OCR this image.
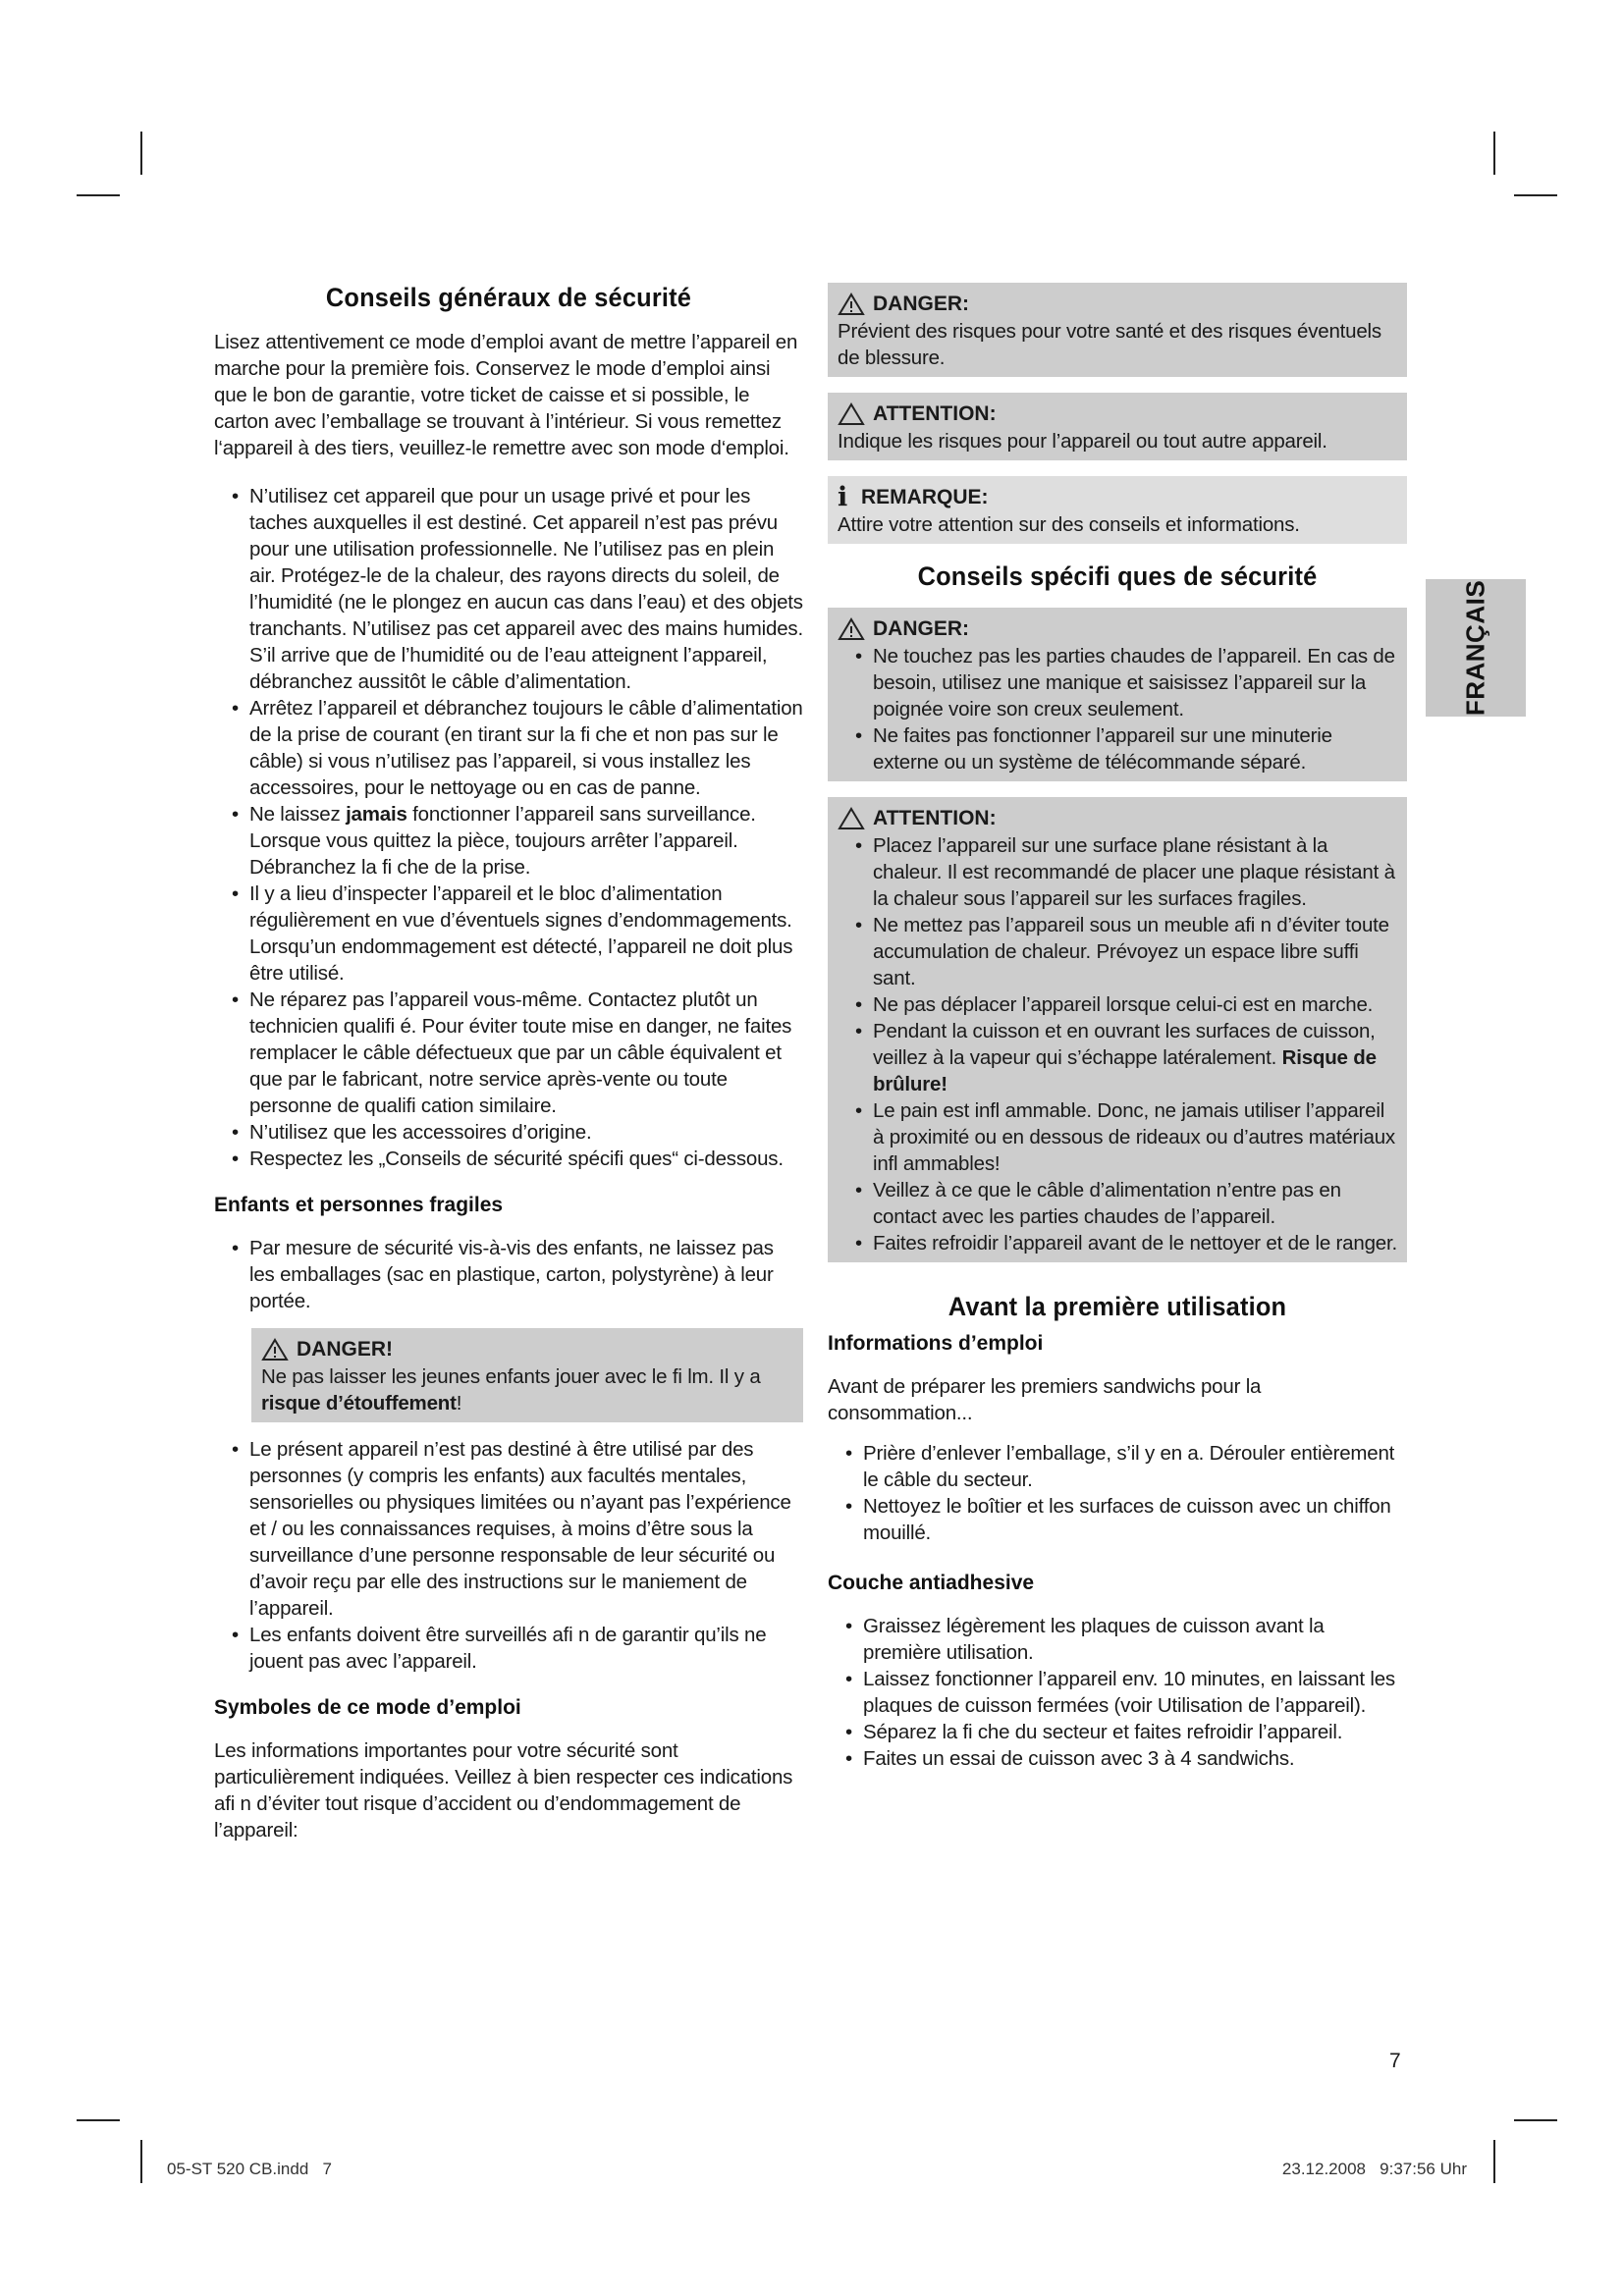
Conseils généraux de sécurité

Lisez attentivement ce mode d’emploi avant de mettre l’appareil en marche pour la première fois. Conservez le mode d’emploi ainsi que le bon de garantie, votre ticket de caisse et si possible, le carton avec l’emballage se trouvant à l’intérieur. Si vous remettez l‘appareil à des tiers, veuillez-le remettre avec son mode d‘emploi.

• N’utilisez cet appareil que pour un usage privé et pour les taches auxquelles il est destiné. Cet appareil n’est pas prévu pour une utilisation professionnelle. Ne l’utilisez pas en plein air. Protégez-le de la chaleur, des rayons directs du soleil, de l’humidité (ne le plongez en aucun cas dans l’eau) et des objets tranchants. N’utilisez pas cet appareil avec des mains humides. S’il arrive que de l’humidité ou de l’eau atteignent l’appareil, débranchez aussitôt le câble d’alimentation.
• Arrêtez l’appareil et débranchez toujours le câble d’alimentation de la prise de courant (en tirant sur la fi che et non pas sur le câble) si vous n’utilisez pas l’appareil, si vous installez les accessoires, pour le nettoyage ou en cas de panne.
• Ne laissez jamais fonctionner l’appareil sans surveillance. Lorsque vous quittez la pièce, toujours arrêter l’appareil. Débranchez la fi che de la prise.
• Il y a lieu d’inspecter l’appareil et le bloc d’alimentation régulièrement en vue d’éventuels signes d’endommagements. Lorsqu’un endommagement est détecté, l’appareil ne doit plus être utilisé.
• Ne réparez pas l’appareil vous-même. Contactez plutôt un technicien qualifi é. Pour éviter toute mise en danger, ne faites remplacer le câble défectueux que par un câble équivalent et que par le fabricant, notre service après-vente ou toute personne de qualifi cation similaire.
• N’utilisez que les accessoires d’origine.
• Respectez les „Conseils de sécurité spécifi ques“ ci-dessous.
Enfants et personnes fragiles
• Par mesure de sécurité vis-à-vis des enfants, ne laissez pas les emballages (sac en plastique, carton, polystyrène) à leur portée.
DANGER!

Ne pas laisser les jeunes enfants jouer avec le fi lm. Il y a risque d’étouffement!

• Le présent appareil n’est pas destiné à être utilisé par des personnes (y compris les enfants) aux facultés mentales, sensorielles ou physiques limitées ou n’ayant pas l’expérience et / ou les connaissances requises, à moins d’être sous la surveillance d’une personne responsable de leur sécurité ou d’avoir reçu par elle des instructions sur le maniement de l’appareil.
• Les enfants doivent être surveillés afi n de garantir qu’ils ne jouent pas avec l’appareil.
Symboles de ce mode d’emploi

Les informations importantes pour votre sécurité sont particulièrement indiquées. Veillez à bien respecter ces indications afi n d’éviter tout risque d’accident ou d’endommagement de l’appareil:

DANGER:

Prévient des risques pour votre santé et des risques éventuels de blessure.

ATTENTION:

Indique les risques pour l’appareil ou tout autre appareil.

i REMARQUE:

Attire votre attention sur des conseils et informations.

Conseils spécifi ques de sécurité
DANGER:
• Ne touchez pas les parties chaudes de l’appareil. En cas de besoin, utilisez une manique et saisissez l’appareil sur la poignée voire son creux seulement.
• Ne faites pas fonctionner l’appareil sur une minuterie externe ou un système de télécommande séparé.
ATTENTION:
• Placez l’appareil sur une surface plane résistant à la chaleur. Il est recommandé de placer une plaque résistant à la chaleur sous l’appareil sur les surfaces fragiles.
• Ne mettez pas l’appareil sous un meuble afi n d’éviter toute accumulation de chaleur. Prévoyez un espace libre suffi sant.
• Ne pas déplacer l’appareil lorsque celui-ci est en marche.
• Pendant la cuisson et en ouvrant les surfaces de cuisson, veillez à la vapeur qui s’échappe latéralement. Risque de brûlure!
• Le pain est infl ammable. Donc, ne jamais utiliser l’appareil à proximité ou en dessous de rideaux ou d’autres matériaux infl ammables!
• Veillez à ce que le câble d’alimentation n’entre pas en contact avec les parties chaudes de l’appareil.
• Faites refroidir l’appareil avant de le nettoyer et de le ranger.
Avant la première utilisation
Informations d’emploi

Avant de préparer les premiers sandwichs pour la consommation...

• Prière d’enlever l’emballage, s’il y en a. Dérouler entièrement le câble du secteur.
• Nettoyez le boîtier et les surfaces de cuisson avec un chiffon mouillé.
Couche antiadhesive
• Graissez légèrement les plaques de cuisson avant la première utilisation.
• Laissez fonctionner l’appareil env. 10 minutes, en laissant les plaques de cuisson fermées (voir Utilisation de l’appareil).
• Séparez la fi che du secteur et faites refroidir l’appareil.
• Faites un essai de cuisson avec 3 à 4 sandwichs.
FRANÇAIS
7
05-ST 520 CB.indd   7	23.12.2008   9:37:56 Uhr
